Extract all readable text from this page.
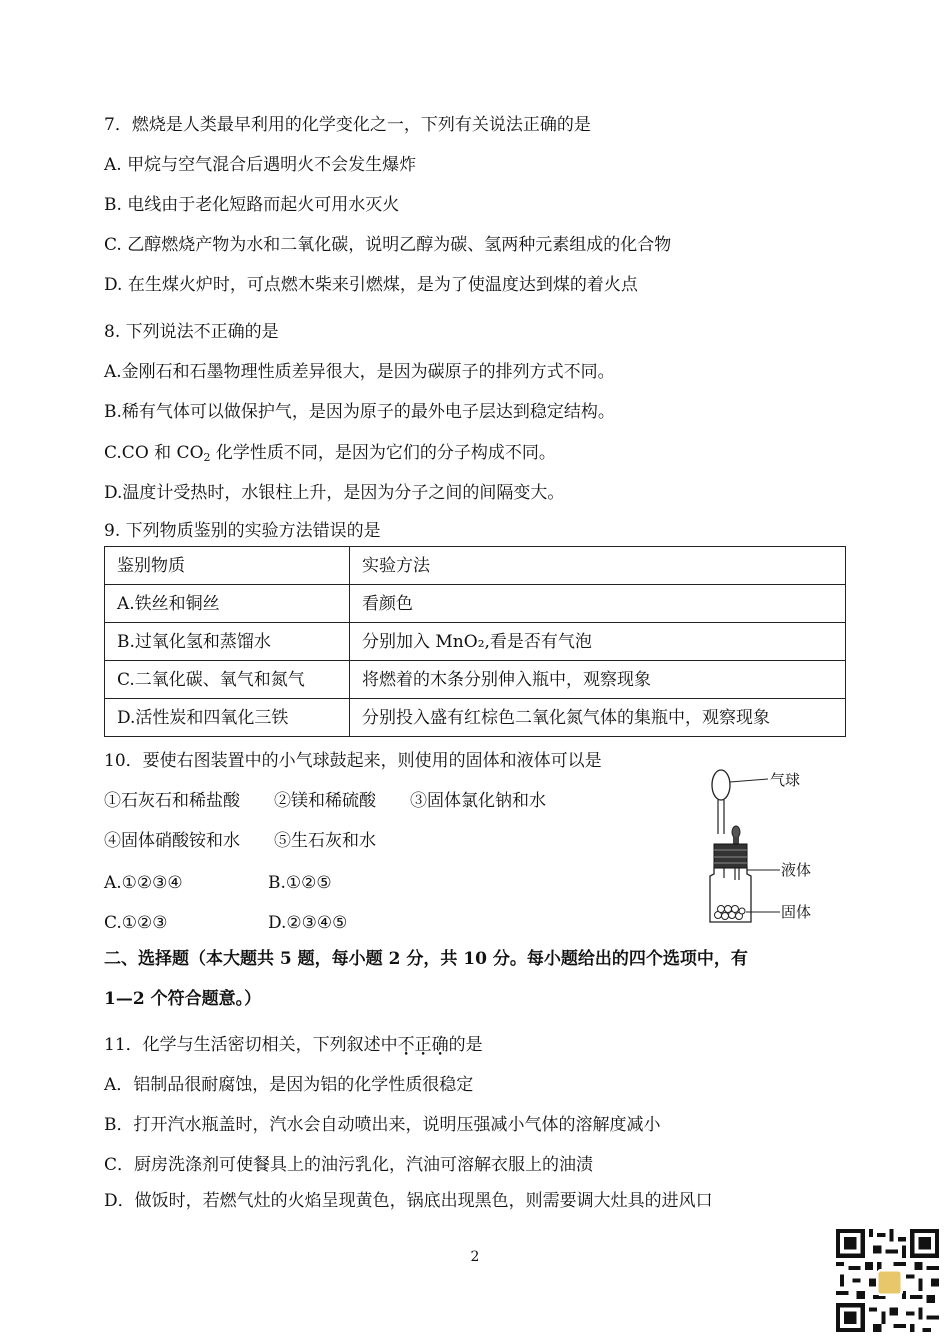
7．燃烧是人类最早利用的化学变化之一，下列有关说法正确的是
A. 甲烷与空气混合后遇明火不会发生爆炸
B. 电线由于老化短路而起火可用水灭火
C. 乙醇燃烧产物为水和二氧化碳，说明乙醇为碳、氢两种元素组成的化合物
D. 在生煤火炉时，可点燃木柴来引燃煤，是为了使温度达到煤的着火点
8. 下列说法不正确的是
A.金刚石和石墨物理性质差异很大，是因为碳原子的排列方式不同。
B.稀有气体可以做保护气，是因为原子的最外电子层达到稳定结构。
C.CO 和 $CO_2$ 化学性质不同，是因为它们的分子构成不同。
D.温度计受热时，水银柱上升，是因为分子之间的间隔变大。
9. 下列物质鉴别的实验方法错误的是
鉴别物质	实验方法
A.铁丝和铜丝	看颜色
B.过氧化氢和蒸馏水	分别加入 MnO₂,看是否有气泡
C.二氧化碳、氧气和氮气	将燃着的木条分别伸入瓶中，观察现象
D.活性炭和四氧化三铁	分别投入盛有红棕色二氧化氮气体的集瓶中，观察现象
10．要使右图装置中的小气球鼓起来，则使用的固体和液体可以是
①石灰石和稀盐酸　　②镁和稀硫酸　　③固体氯化钠和水
④固体硝酸铵和水　　⑤生石灰和水
A.①②③④	B.①②⑤
C.①②③	D.②③④⑤
气球
液体
固体
二、选择题（本大题共 5 题，每小题 2 分，共 10 分。每小题给出的四个选项中，有
1—2 个符合题意。）
11．化学与生活密切相关，下列叙述中不正确的是
A．铝制品很耐腐蚀，是因为铝的化学性质很稳定
B．打开汽水瓶盖时，汽水会自动喷出来，说明压强减小气体的溶解度减小
C．厨房洗涤剂可使餐具上的油污乳化，汽油可溶解衣服上的油渍
D．做饭时，若燃气灶的火焰呈现黄色，锅底出现黑色，则需要调大灶具的进风口
2
